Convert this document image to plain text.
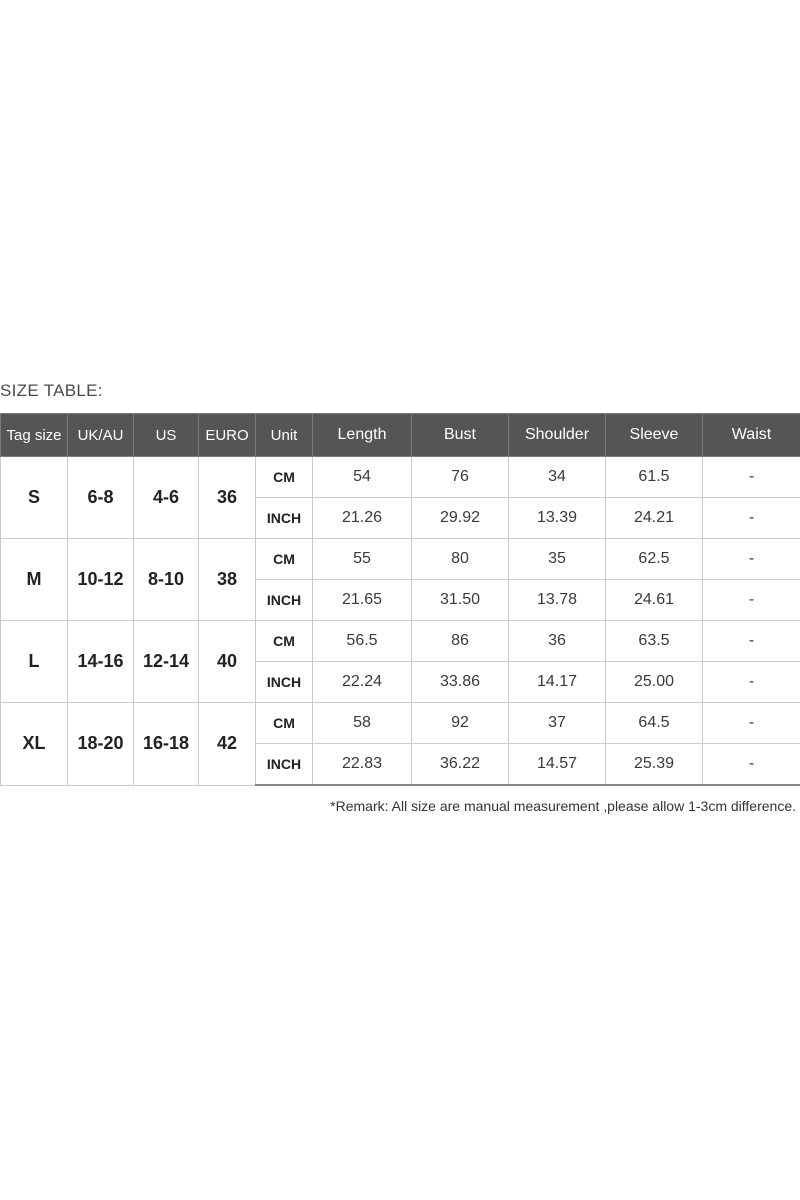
SIZE TABLE:
Tag size	UK/AU	US	EURO	Unit	Length	Bust	Shoulder	Sleeve	Waist
S	6-8	4-6	36	CM	54	76	34	61.5	-
				INCH	21.26	29.92	13.39	24.21	-
M	10-12	8-10	38	CM	55	80	35	62.5	-
				INCH	21.65	31.50	13.78	24.61	-
L	14-16	12-14	40	CM	56.5	86	36	63.5	-
				INCH	22.24	33.86	14.17	25.00	-
XL	18-20	16-18	42	CM	58	92	37	64.5	-
				INCH	22.83	36.22	14.57	25.39	-
*Remark: All size are manual measurement ,please allow 1-3cm difference.
